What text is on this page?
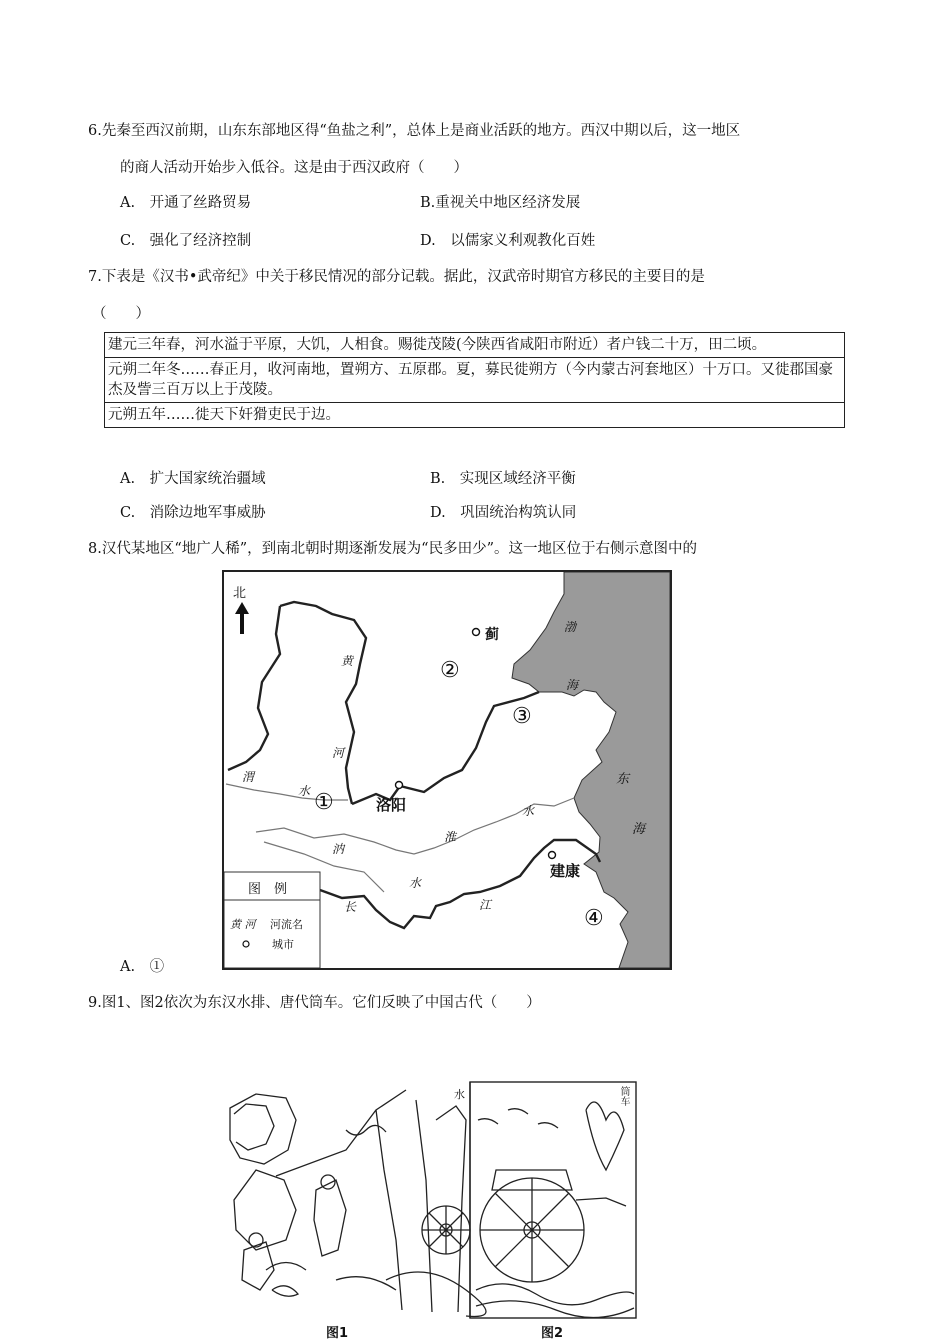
6.先秦至西汉前期，山东东部地区得“鱼盐之利”，总体上是商业活跃的地方。西汉中期以后，这一地区
的商人活动开始步入低谷。这是由于西汉政府（　　）
A.　开通了丝路贸易	B.重视关中地区经济发展
C.　强化了经济控制	D.　以儒家义利观教化百姓
7.下表是《汉书•武帝纪》中关于移民情况的部分记载。据此，汉武帝时期官方移民的主要目的是
（　　）
建元三年春，河水溢于平原，大饥，人相食。赐徙茂陵(今陕西省咸阳市附近）者户钱二十万，田二顷。
元朔二年冬……春正月，收河南地，置朔方、五原郡。夏，募民徙朔方（今内蒙古河套地区）十万口。又徙郡国豪杰及訾三百万以上于茂陵。
元朔五年……徙天下奸猾吏民于边。
A.　扩大国家统治疆域	B.　实现区域经济平衡
C.　消除边地军事威胁	D.　巩固统治构筑认同
8.汉代某地区“地广人稀”，到南北朝时期逐渐发展为“民多田少”。这一地区位于右侧示意图中的
北
蓟
洛阳
建康
黄
河
渭
水
淮
水
汭
水
长	江
渤
海
东
海
①
②
③
④
图　例
黄 河 河流名
城市
A.　①
9.图1、图2依次为东汉水排、唐代筒车。它们反映了中国古代（　　）
水	筒车
图1	图2
